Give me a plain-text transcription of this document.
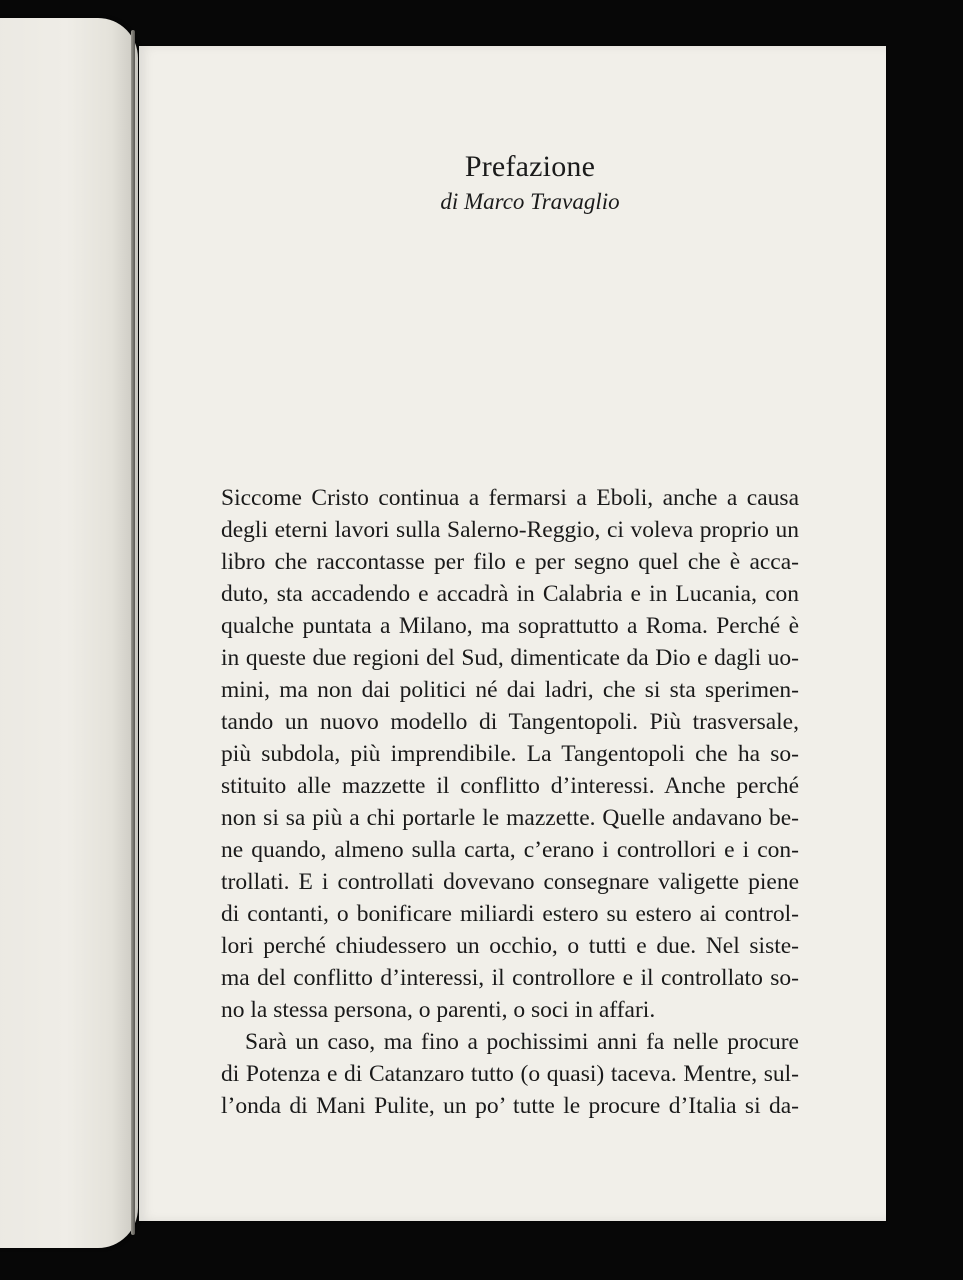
Prefazione
di Marco Travaglio
Siccome Cristo continua a fermarsi a Eboli, anche a causa
degli eterni lavori sulla Salerno-Reggio, ci voleva proprio un
libro che raccontasse per filo e per segno quel che è acca-
duto, sta accadendo e accadrà in Calabria e in Lucania, con
qualche puntata a Milano, ma soprattutto a Roma. Perché è
in queste due regioni del Sud, dimenticate da Dio e dagli uo-
mini, ma non dai politici né dai ladri, che si sta sperimen-
tando un nuovo modello di Tangentopoli. Più trasversale,
più subdola, più imprendibile. La Tangentopoli che ha so-
stituito alle mazzette il conflitto d’interessi. Anche perché
non si sa più a chi portarle le mazzette. Quelle andavano be-
ne quando, almeno sulla carta, c’erano i controllori e i con-
trollati. E i controllati dovevano consegnare valigette piene
di contanti, o bonificare miliardi estero su estero ai control-
lori perché chiudessero un occhio, o tutti e due. Nel siste-
ma del conflitto d’interessi, il controllore e il controllato so-
no la stessa persona, o parenti, o soci in affari.
Sarà un caso, ma fino a pochissimi anni fa nelle procure
di Potenza e di Catanzaro tutto (o quasi) taceva. Mentre, sul-
l’onda di Mani Pulite, un po’ tutte le procure d’Italia si da-
